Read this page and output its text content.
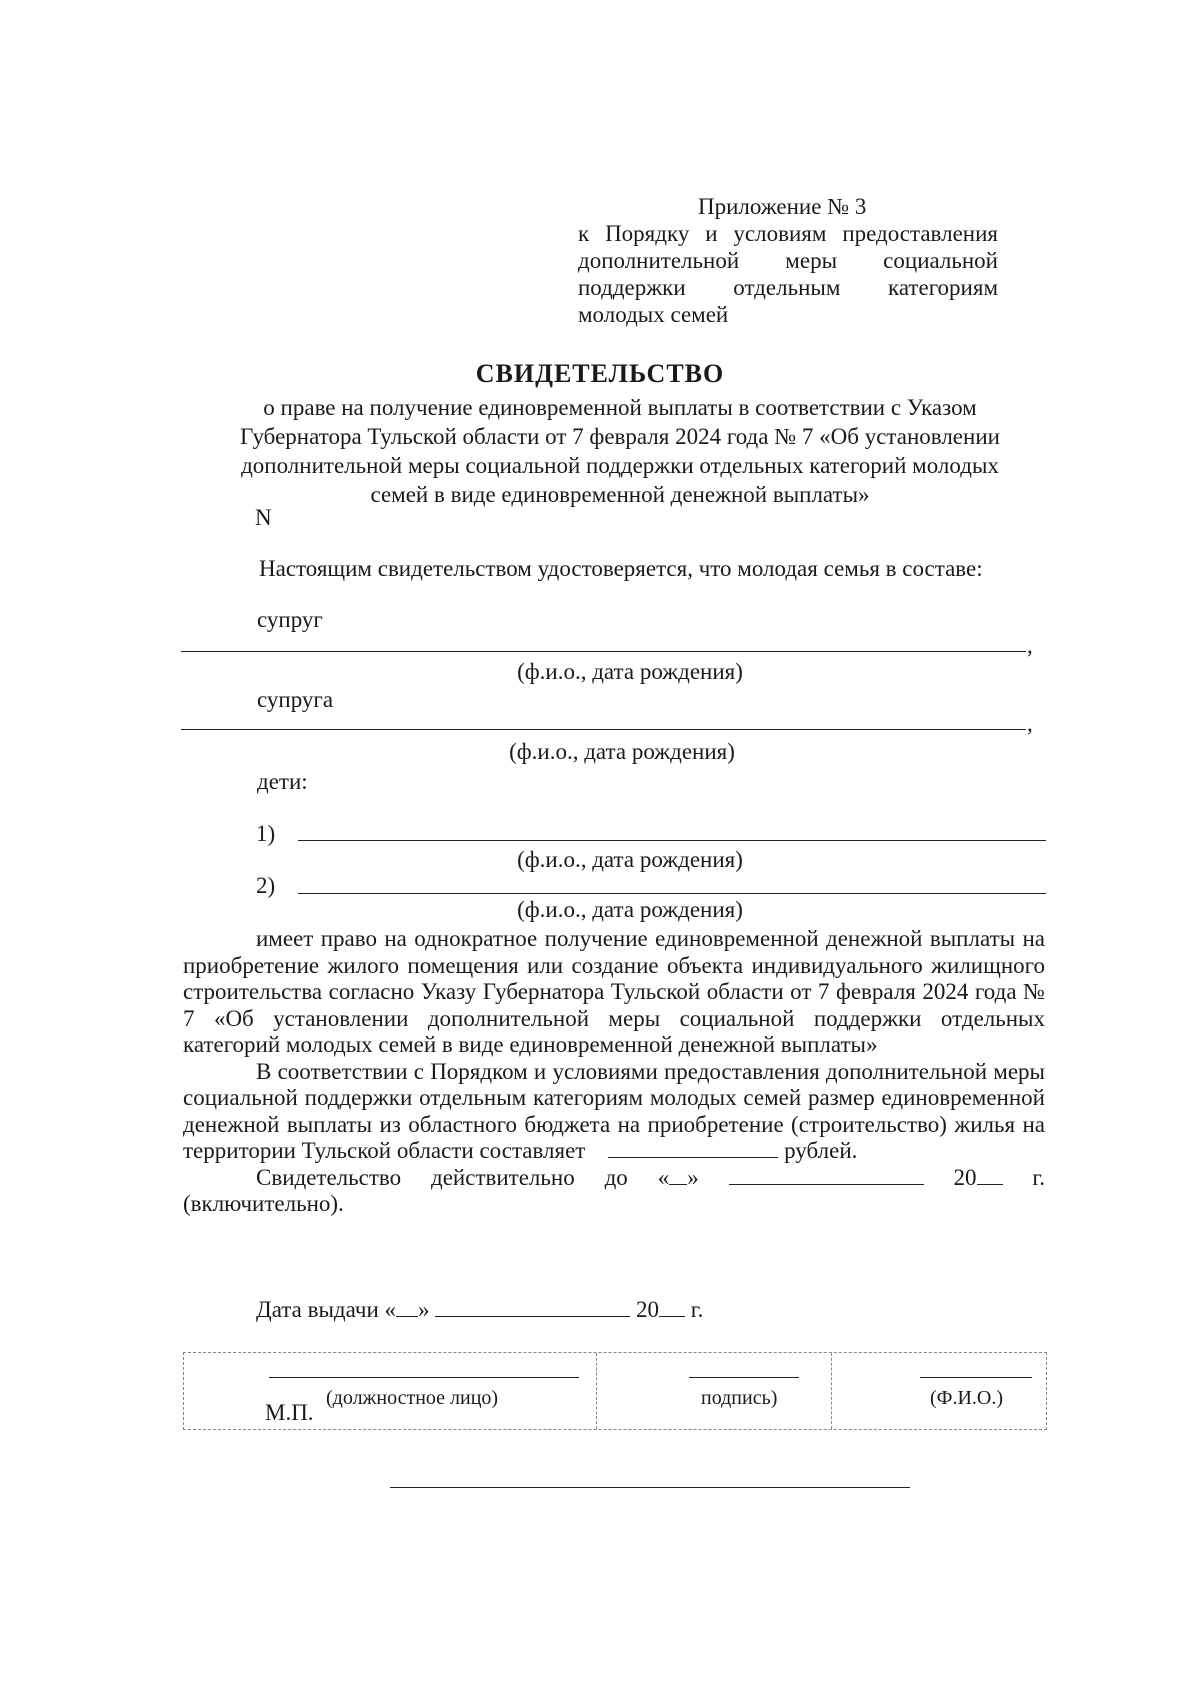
Приложение № 3
к Порядку и условиям предоставления
дополнительной меры социальной
поддержки отдельным категориям
молодых семей
СВИДЕТЕЛЬСТВО
о праве на получение единовременной выплаты в соответствии с Указом
Губернатора Тульской области от 7 февраля 2024 года № 7 «Об установлении
дополнительной меры социальной поддержки отдельных категорий молодых
семей в виде единовременной денежной выплаты»
N
Настоящим свидетельством удостоверяется, что молодая семья в составе:
супруг
,
(ф.и.о., дата рождения)
супруга
,
(ф.и.о., дата рождения)
дети:
1)
(ф.и.о., дата рождения)
2)
(ф.и.о., дата рождения)

имеет право на однократное получение единовременной денежной выплаты на приобретение жилого помещения или создание объекта индивидуального жилищного строительства согласно Указу Губернатора Тульской области от 7 февраля 2024 года № 7 «Об установлении дополнительной меры социальной поддержки отдельных категорий молодых семей в виде единовременной денежной выплаты»

В соответствии с Порядком и условиями предоставления дополнительной меры социальной поддержки отдельным категориям молодых семей размер единовременной денежной выплаты из областного бюджета на приобретение (строительство) жилья на территории Тульской области составляет	рублей.

Свидетельство действительно до « »	20 г.

(включительно).
Дата выдачи « »	20 г.
(должностное лицо)	подпись)	(Ф.И.О.)
М.П.
